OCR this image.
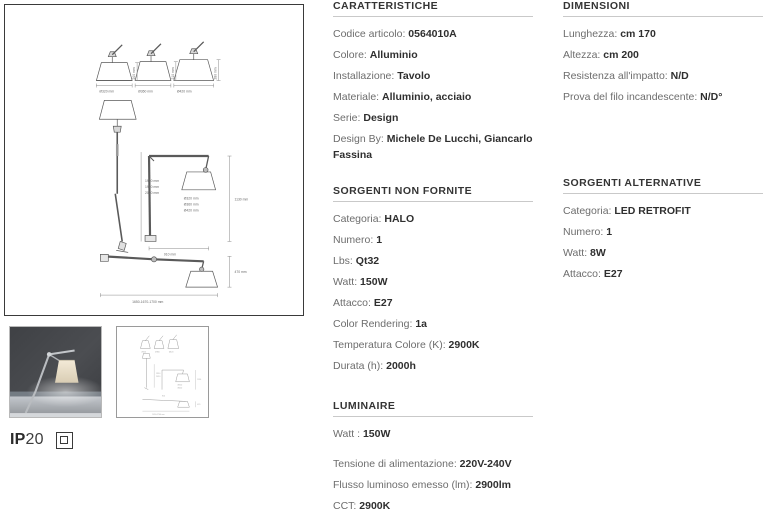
Ø320 mm	Ø360 mm	Ø420 mm
200 mm	210 mm	280 mm
1950 mm
1980 mm
2020 mm
Ø320 mm
Ø360 mm
Ø420 mm
1130 mm
910 mm
470 mm
1650-1670-1700 mm
Ø320	Ø360	Ø420
1950
2020
Ø320
Ø420
1130
470
1650-1700 mm
910
IP20
CARATTERISTICHE

Codice articolo: 0564010A

Colore: Alluminio

Installazione: Tavolo

Materiale: Alluminio, acciaio

Serie: Design

Design By: Michele De Lucchi, Giancarlo Fassina

SORGENTI NON FORNITE

Categoria: HALO

Numero: 1

Lbs: Qt32

Watt: 150W

Attacco: E27

Color Rendering: 1a

Temperatura Colore (K): 2900K

Durata (h): 2000h

LUMINAIRE

Watt : 150W

Tensione di alimentazione: 220V-240V

Flusso luminoso emesso (lm): 2900lm

CCT: 2900K

DIMENSIONI

Lunghezza: cm 170

Altezza: cm 200

Resistenza all'impatto: N/D

Prova del filo incandescente: N/D°

SORGENTI ALTERNATIVE

Categoria: LED RETROFIT

Numero: 1

Watt: 8W

Attacco: E27
